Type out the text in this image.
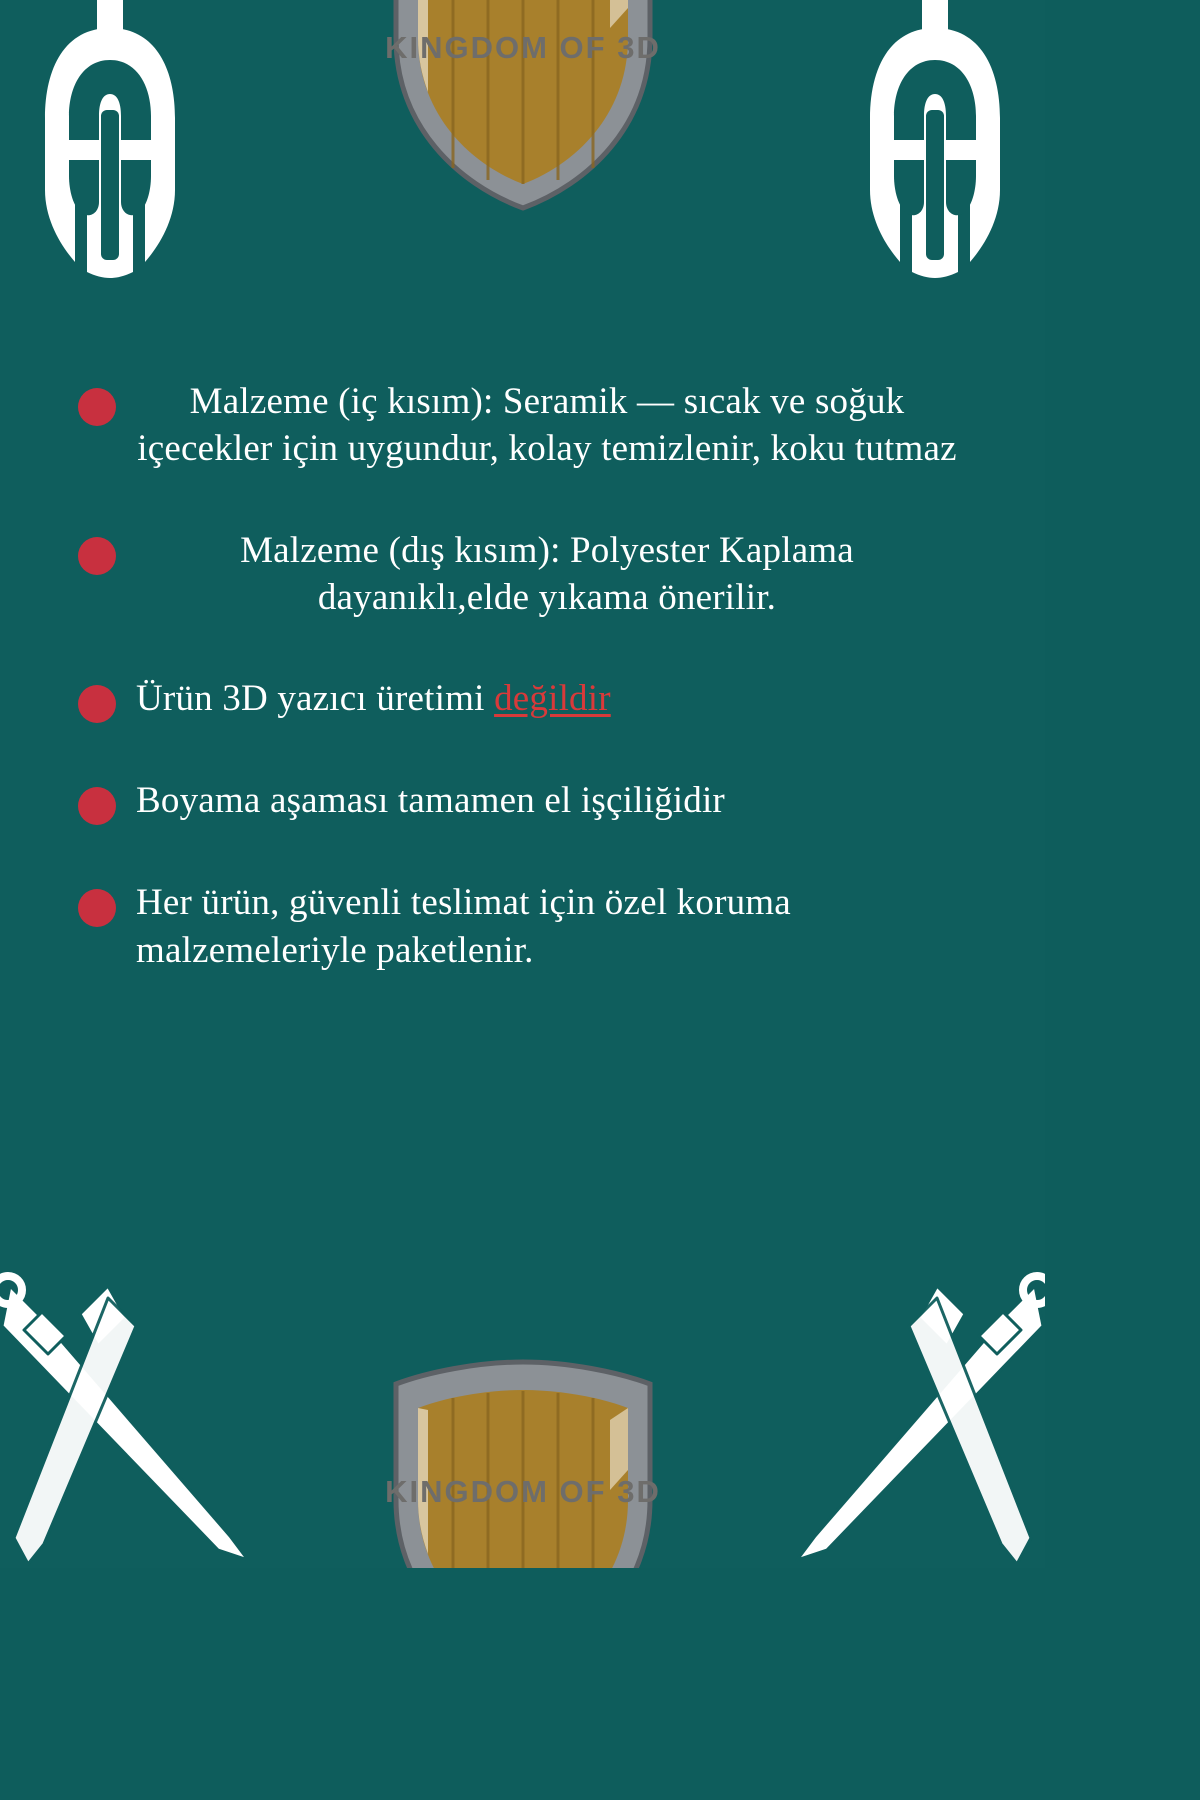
KINGDOM OF 3D
KINGDOM OF 3D
Malzeme (iç kısım): Seramik — sıcak ve soğuk içecekler için uygundur, kolay temizlenir, koku tutmaz
Malzeme (dış kısım): Polyester Kaplama dayanıklı,elde yıkama önerilir.
Ürün 3D yazıcı üretimi değildir
Boyama aşaması tamamen el işçiliğidir
Her ürün, güvenli teslimat için özel koruma malzemeleriyle paketlenir.
